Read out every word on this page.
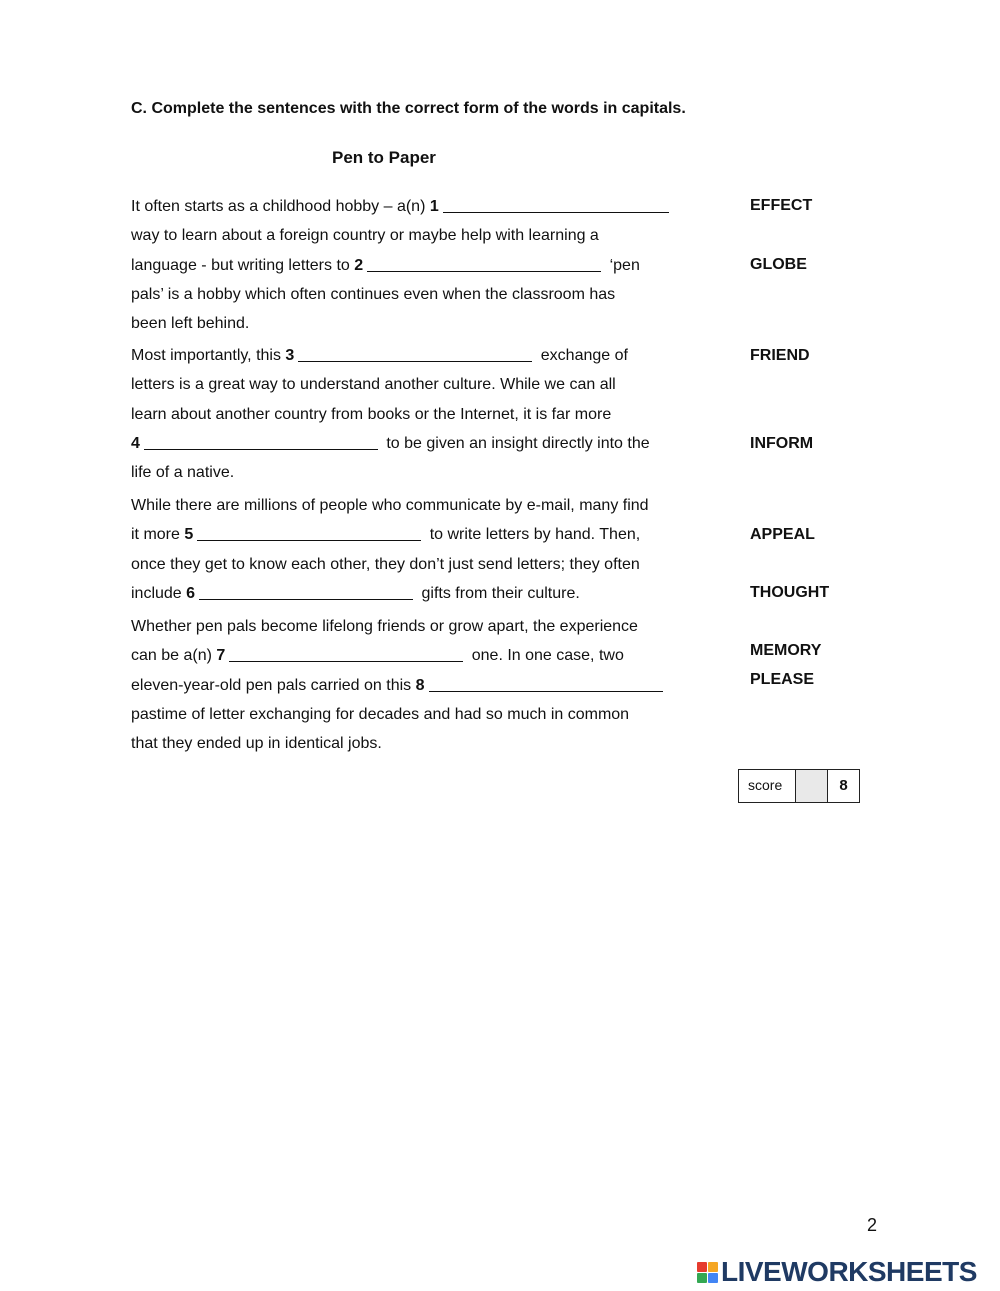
C. Complete the sentences with the correct form of the words in capitals.
Pen to Paper
It often starts as a childhood hobby – a(n) 1
way to learn about a foreign country or maybe help with learning a
language - but writing letters to 2	‘pen
pals’ is a hobby which often continues even when the classroom has
been left behind.
Most importantly, this 3	exchange of
letters is a great way to understand another culture. While we can all
learn about another country from books or the Internet, it is far more
4	to be given an insight directly into the
life of a native.
While there are millions of people who communicate by e-mail, many find
it more 5	to write letters by hand. Then,
once they get to know each other, they don’t just send letters; they often
include 6	gifts from their culture.
Whether pen pals become lifelong friends or grow apart, the experience
can be a(n) 7	one. In one case, two
eleven-year-old pen pals carried on this 8
pastime of letter exchanging for decades and had so much in common
that they ended up in identical jobs.
EFFECT
GLOBE
FRIEND
INFORM
APPEAL
THOUGHT
MEMORY
PLEASE
score	8
2
LIVEWORKSHEETS
